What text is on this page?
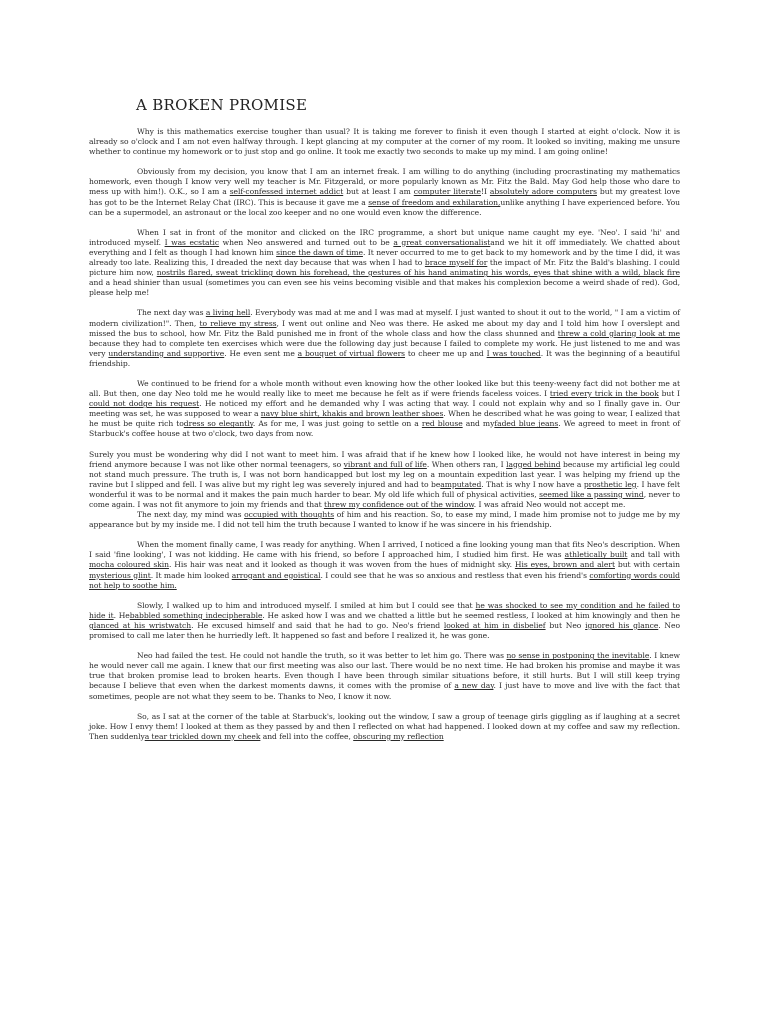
A BROKEN PROMISE

Why is this mathematics exercise tougher than usual? It is taking me forever to finish it even though I started at eight o'clock. Now it is already so o'clock and I am not even halfway through. I kept glancing at my computer at the corner of my room. It looked so inviting, making me unsure whether to continue my homework or to just stop and go online. It took me exactly two seconds to make up my mind. I am going online!

Obviously from my decision, you know that I am an internet freak. I am willing to do anything (including procrastinating my mathematics homework, even though I know very well my teacher is Mr. Fitzgerald, or more popularly known as Mr. Fitz the Bald. May God help those who dare to mess up with him!). O.K., so I am a self-confessed internet addict but at least I am computer literate!I absolutely adore computers but my greatest love has got to be the Internet Relay Chat (IRC). This is because it gave me a sense of freedom and exhilaration,unlike anything I have experienced before. You can be a supermodel, an astronaut or the local zoo keeper and no one would even know the difference.

When I sat in front of the monitor and clicked on the IRC programme, a short but unique name caught my eye. 'Neo'. I said 'hi' and introduced myself. I was ecstatic when Neo answered and turned out to be a great conversationalistand we hit it off immediately. We chatted about everything and I felt as though I had known him since the dawn of time. It never occurred to me to get back to my homework and by the time I did, it was already too late. Realizing this, I dreaded the next day because that was when I had to brace myself for the impact of Mr. Fitz the Bald's blashing. I could picture him now, nostrils flared, sweat trickling down his forehead, the gestures of his hand animating his words, eyes that shine with a wild, black fire and a head shinier than usual (sometimes you can even see his veins becoming visible and that makes his complexion become a weird shade of red). God, please help me!

The next day was a living hell. Everybody was mad at me and I was mad at myself. I just wanted to shout it out to the world, " I am a victim of modern civilization!". Then, to relieve my stress, I went out online and Neo was there. He asked me about my day and I told him how I overslept and missed the bus to school, how Mr. Fitz the Bald punished me in front of the whole class and how the class shunned and threw a cold glaring look at me because they had to complete ten exercises which were due the following day just because I failed to complete my work. He just listened to me and was very understanding and supportive. He even sent me a bouquet of virtual flowers to cheer me up and I was touched. It was the beginning of a beautiful friendship.

We continued to be friend for a whole month without even knowing how the other looked like but this teeny-weeny fact did not bother me at all. But then, one day Neo told me he would really like to meet me because he felt as if were friends faceless voices. I tried every trick in the book but I could not dodge his request. He noticed my effort and he demanded why I was acting that way. I could not explain why and so I finally gave in. Our meeting was set, he was supposed to wear a navy blue shirt, khakis and brown leather shoes. When he described what he was going to wear, I ealized that he must be quite rich todress so elegantly. As for me, I was just going to settle on a red blouse and myfaded blue jeans. We agreed to meet in front of Starbuck's coffee house at two o'clock, two days from now.

Surely you must be wondering why did I not want to meet him. I was afraid that if he knew how I looked like, he would not have interest in being my friend anymore because I was not like other normal teenagers, so vibrant and full of life. When others ran, I lagged behind because my artificial leg could not stand much pressure. The truth is, I was not born handicapped but lost my leg on a mountain expedition last year. I was helping my friend up the ravine but I slipped and fell. I was alive but my right leg was severely injured and had to beamputated. That is why I now have a prosthetic leg. I have felt wonderful it was to be normal and it makes the pain much harder to bear. My old life which full of physical activities, seemed like a passing wind, never to come again. I was not fit anymore to join my friends and that threw my confidence out of the window. I was afraid Neo would not accept me.

The next day, my mind was occupied with thoughts of him and his reaction. So, to ease my mind, I made him promise not to judge me by my appearance but by my inside me. I did not tell him the truth because I wanted to know if he was sincere in his friendship.

When the moment finally came, I was ready for anything. When I arrived, I noticed a fine looking young man that fits Neo's description. When I said 'fine looking', I was not kidding. He came with his friend, so before I approached him, I studied him first. He was athletically built and tall with mocha coloured skin. His hair was neat and it looked as though it was woven from the hues of midnight sky. His eyes, brown and alert but with certain mysterious glint. It made him looked arrogant and egoistical. I could see that he was so anxious and restless that even his friend's comforting words could not help to soothe him.

Slowly, I walked up to him and introduced myself. I smiled at him but I could see that he was shocked to see my condition and he failed to hide it. Hebabbled something indecipherable. He asked how I was and we chatted a little but he seemed restless, I looked at him knowingly and then he glanced at his wristwatch. He excused himself and said that he had to go. Neo's friend looked at him in disbelief but Neo ignored his glance. Neo promised to call me later then he hurriedly left. It happened so fast and before I realized it, he was gone.

Neo had failed the test. He could not handle the truth, so it was better to let him go. There was no sense in postponing the inevitable. I knew he would never call me again. I knew that our first meeting was also our last. There would be no next time. He had broken his promise and maybe it was true that broken promise lead to broken hearts. Even though I have been through similar situations before, it still hurts. But I will still keep trying because I believe that even when the darkest moments dawns, it comes with the promise of a new day. I just have to move and live with the fact that sometimes, people are not what they seem to be. Thanks to Neo, I know it now.

So, as I sat at the corner of the table at Starbuck's, looking out the window, I saw a group of teenage girls giggling as if laughing at a secret joke. How I envy them! I looked at them as they passed by and then I reflected on what had happened. I looked down at my coffee and saw my reflection. Then suddenlya tear trickled down my cheek and fell into the coffee, obscuring my reflection
